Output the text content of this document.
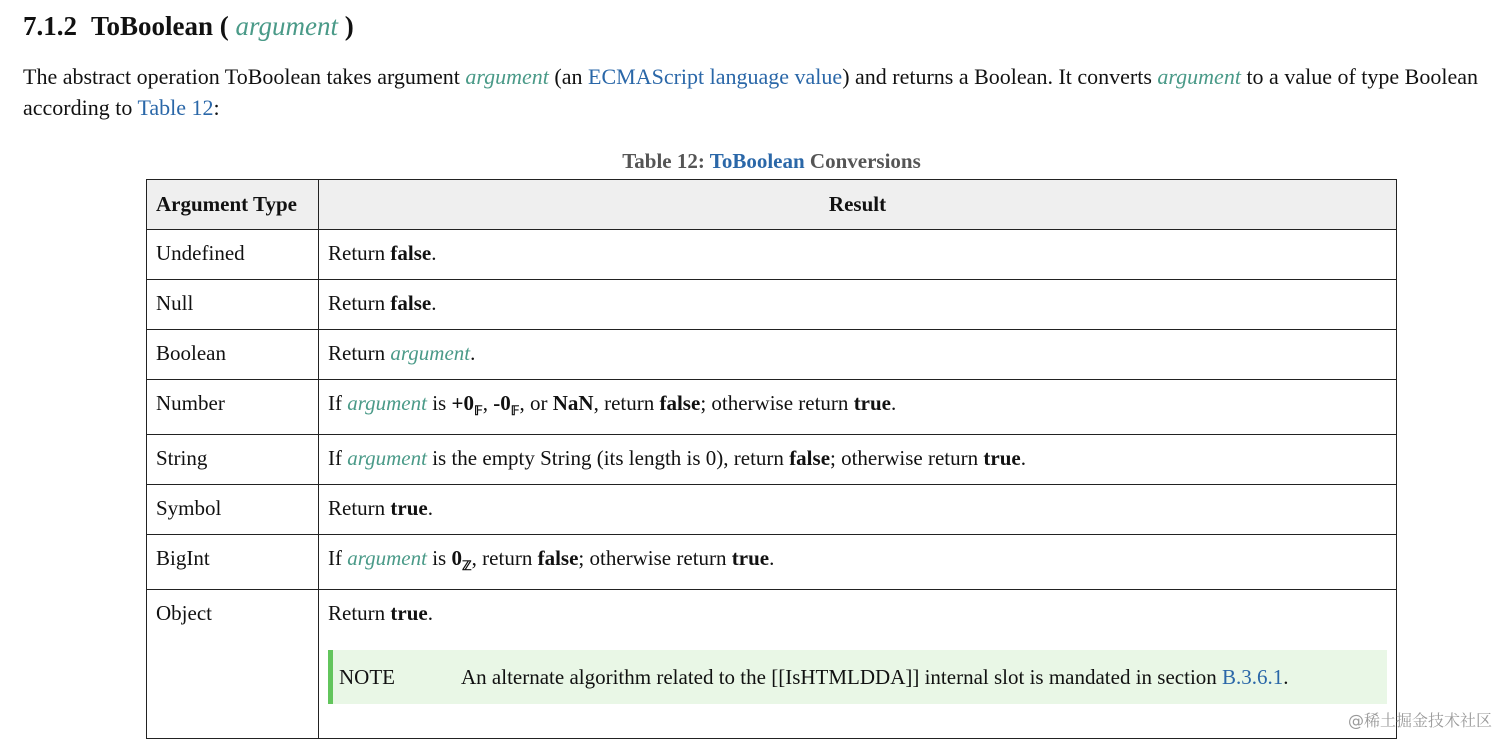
7.1.2 ToBoolean ( argument )

The abstract operation ToBoolean takes argument argument (an ECMAScript language value) and returns a Boolean. It converts argument to a value of type Boolean according to Table 12:

Table 12: ToBoolean Conversions
Argument Type	Result
Undefined	Return false.
Null	Return false.
Boolean	Return argument.
Number	If argument is $+0_𝔽$, $-0_𝔽$, or NaN, return false; otherwise return true.
String	If argument is the empty String (its length is 0), return false; otherwise return true.
Symbol	Return true.
BigInt	If argument is $0_ℤ$, return false; otherwise return true.
Object	Return true.
NOTE An alternate algorithm related to the [[IsHTMLDDA]] internal slot is mandated in section B.3.6.1.
@稀土掘金技术社区
